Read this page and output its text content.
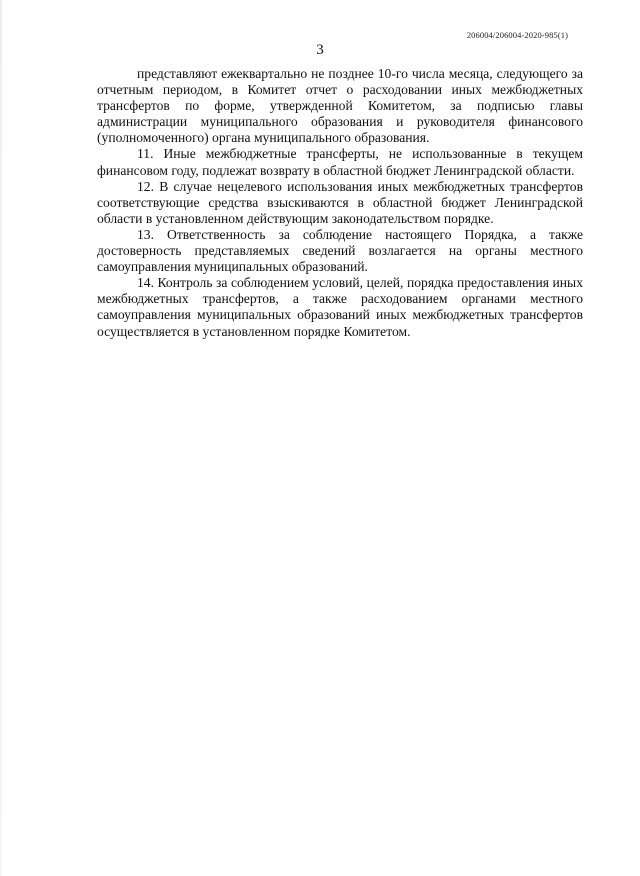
206004/206004-2020-985(1)
3

представляют ежеквартально не позднее 10-го числа месяца, следующего за отчетным периодом, в Комитет отчет о расходовании иных межбюджетных трансфертов по форме, утвержденной Комитетом, за подписью главы администрации муниципального образования и руководителя финансового (уполномоченного) органа муниципального образования.

11. Иные межбюджетные трансферты, не использованные в текущем финансовом году, подлежат возврату в областной бюджет Ленинградской области.

12. В случае нецелевого использования иных межбюджетных трансфертов соответствующие средства взыскиваются в областной бюджет Ленинградской области в установленном действующим законодательством порядке.

13. Ответственность за соблюдение настоящего Порядка, а также достоверность представляемых сведений возлагается на органы местного самоуправления муниципальных образований.

14. Контроль за соблюдением условий, целей, порядка предоставления иных межбюджетных трансфертов, а также расходованием органами местного самоуправления муниципальных образований иных межбюджетных трансфертов осуществляется в установленном порядке Комитетом.
